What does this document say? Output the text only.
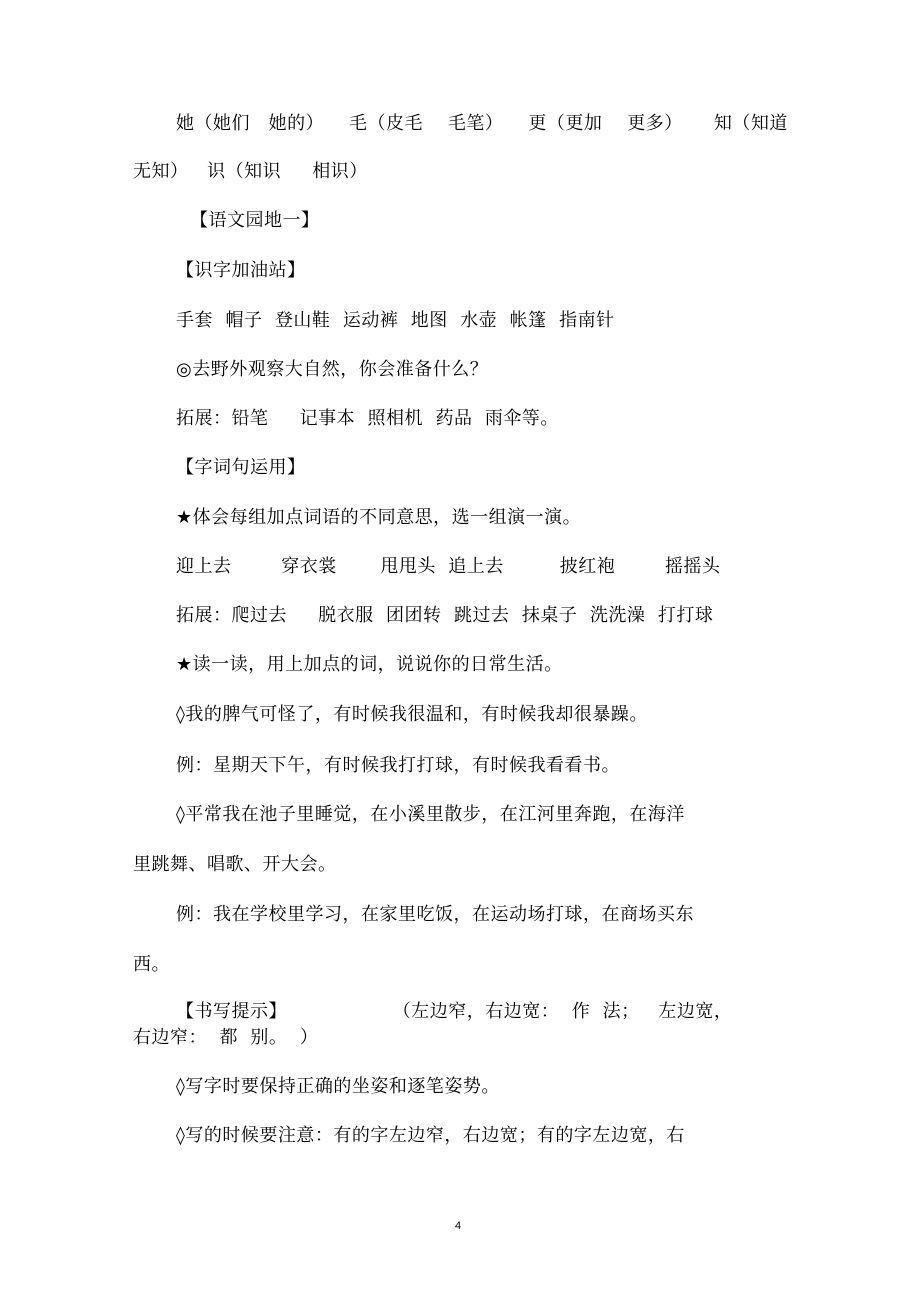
她（她们   她的）    毛（皮毛    毛笔）    更（更加    更多）     知（知道
无知）   识（知识     相识）
【语文园地一】
【识字加油站】
手套  帽子  登山鞋  运动裤  地图  水壶  帐篷  指南针
◎去野外观察大自然，你会准备什么？
拓展：铅笔     记事本  照相机  药品  雨伞等。
【字词句运用】
★体会每组加点词语的不同意思，选一组演一演。
迎上去        穿衣裳       甩甩头  追上去         披红袍        摇摇头
拓展：爬过去     脱衣服  团团转  跳过去  抹桌子  洗洗澡  打打球
★读一读，用上加点的词，说说你的日常生活。
◊我的脾气可怪了，有时候我很温和，有时候我却很暴躁。
例：星期天下午，有时候我打打球，有时候我看看书。
◊平常我在池子里睡觉，在小溪里散步，在江河里奔跑，在海洋
里跳舞、唱歌、开大会。
例：我在学校里学习，在家里吃饭，在运动场打球，在商场买东
西。
【书写提示】                 （左边窄，右边宽：  作  法；   左边宽，
右边窄：  都  别。  ）
◊写字时要保持正确的坐姿和逐笔姿势。
◊写的时候要注意：有的字左边窄，右边宽；有的字左边宽，右
4
